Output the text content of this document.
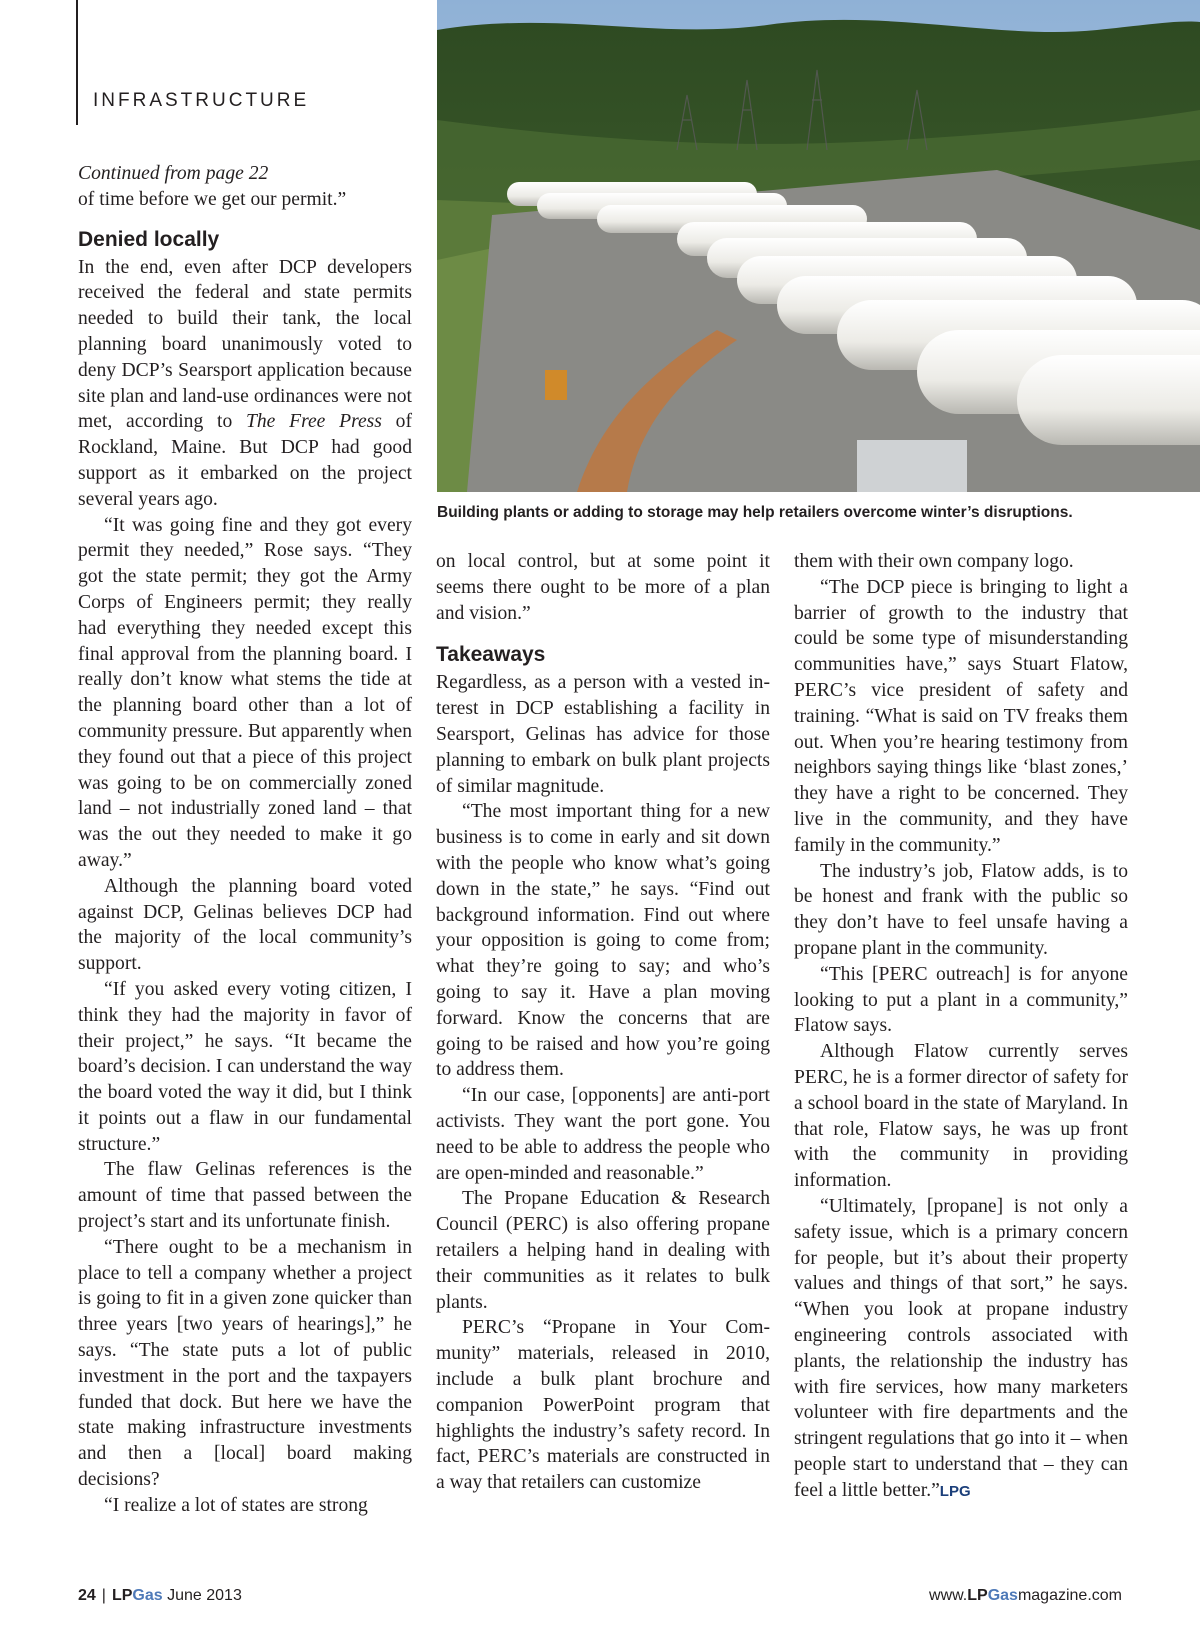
INFRASTRUCTURE
Building plants or adding to storage may help retailers overcome winter’s disruptions.

Continued from page 22

of time before we get our permit.”

Denied locally

In the end, even after DCP developers received the federal and state permits needed to build their tank, the local planning board unanimously voted to deny DCP’s Searsport application because site plan and land-use ordinances were not met, according to The Free Press of Rockland, Maine. But DCP had good support as it embarked on the project several years ago.

“It was going fine and they got every permit they needed,” Rose says. “They got the state permit; they got the Army Corps of Engineers permit; they really had everything they needed except this final approval from the planning board. I really don’t know what stems the tide at the planning board other than a lot of community pressure. But apparently when they found out that a piece of this project was going to be on commercially zoned land – not industrially zoned land – that was the out they needed to make it go away.”

Although the planning board voted against DCP, Gelinas believes DCP had the majority of the local community’s support.

“If you asked every voting citizen, I think they had the majority in favor of their project,” he says. “It became the board’s decision. I can understand the way the board voted the way it did, but I think it points out a flaw in our fundamental structure.”

The flaw Gelinas references is the amount of time that passed between the project’s start and its unfortunate finish.

“There ought to be a mechanism in place to tell a company whether a project is going to fit in a given zone quicker than three years [two years of hearings],” he says. “The state puts a lot of public investment in the port and the taxpayers funded that dock. But here we have the state making infrastructure investments and then a [local] board making decisions?

“I realize a lot of states are strong

on local control, but at some point it seems there ought to be more of a plan and vision.”

Takeaways

Regardless, as a person with a vested interest in DCP establishing a facility in Searsport, Gelinas has advice for those planning to embark on bulk plant projects of similar magnitude.

“The most important thing for a new business is to come in early and sit down with the people who know what’s going down in the state,” he says. “Find out background information. Find out where your opposition is going to come from; what they’re going to say; and who’s going to say it. Have a plan moving forward. Know the concerns that are going to be raised and how you’re going to address them.

“In our case, [opponents] are anti-port activists. They want the port gone. You need to be able to address the people who are open-minded and reasonable.”

The Propane Education & Research Council (PERC) is also offering propane retailers a helping hand in dealing with their communities as it relates to bulk plants.

PERC’s “Propane in Your Community” materials, released in 2010, include a bulk plant brochure and companion PowerPoint program that highlights the industry’s safety record. In fact, PERC’s materials are constructed in a way that retailers can customize

them with their own company logo.

“The DCP piece is bringing to light a barrier of growth to the industry that could be some type of misunderstanding communities have,” says Stuart Flatow, PERC’s vice president of safety and training. “What is said on TV freaks them out. When you’re hearing testimony from neighbors saying things like ‘blast zones,’ they have a right to be concerned. They live in the community, and they have family in the community.”

The industry’s job, Flatow adds, is to be honest and frank with the public so they don’t have to feel unsafe having a propane plant in the community.

“This [PERC outreach] is for anyone looking to put a plant in a community,” Flatow says.

Although Flatow currently serves PERC, he is a former director of safety for a school board in the state of Maryland. In that role, Flatow says, he was up front with the community in providing information.

“Ultimately, [propane] is not only a safety issue, which is a primary concern for people, but it’s about their property values and things of that sort,” he says. “When you look at propane industry engineering controls associated with plants, the relationship the industry has with fire services, how many marketers volunteer with fire departments and the stringent regulations that go into it – when people start to understand that – they can feel a little better.”LPG

24 | LPGas June 2013	www.LPGasmagazine.com
